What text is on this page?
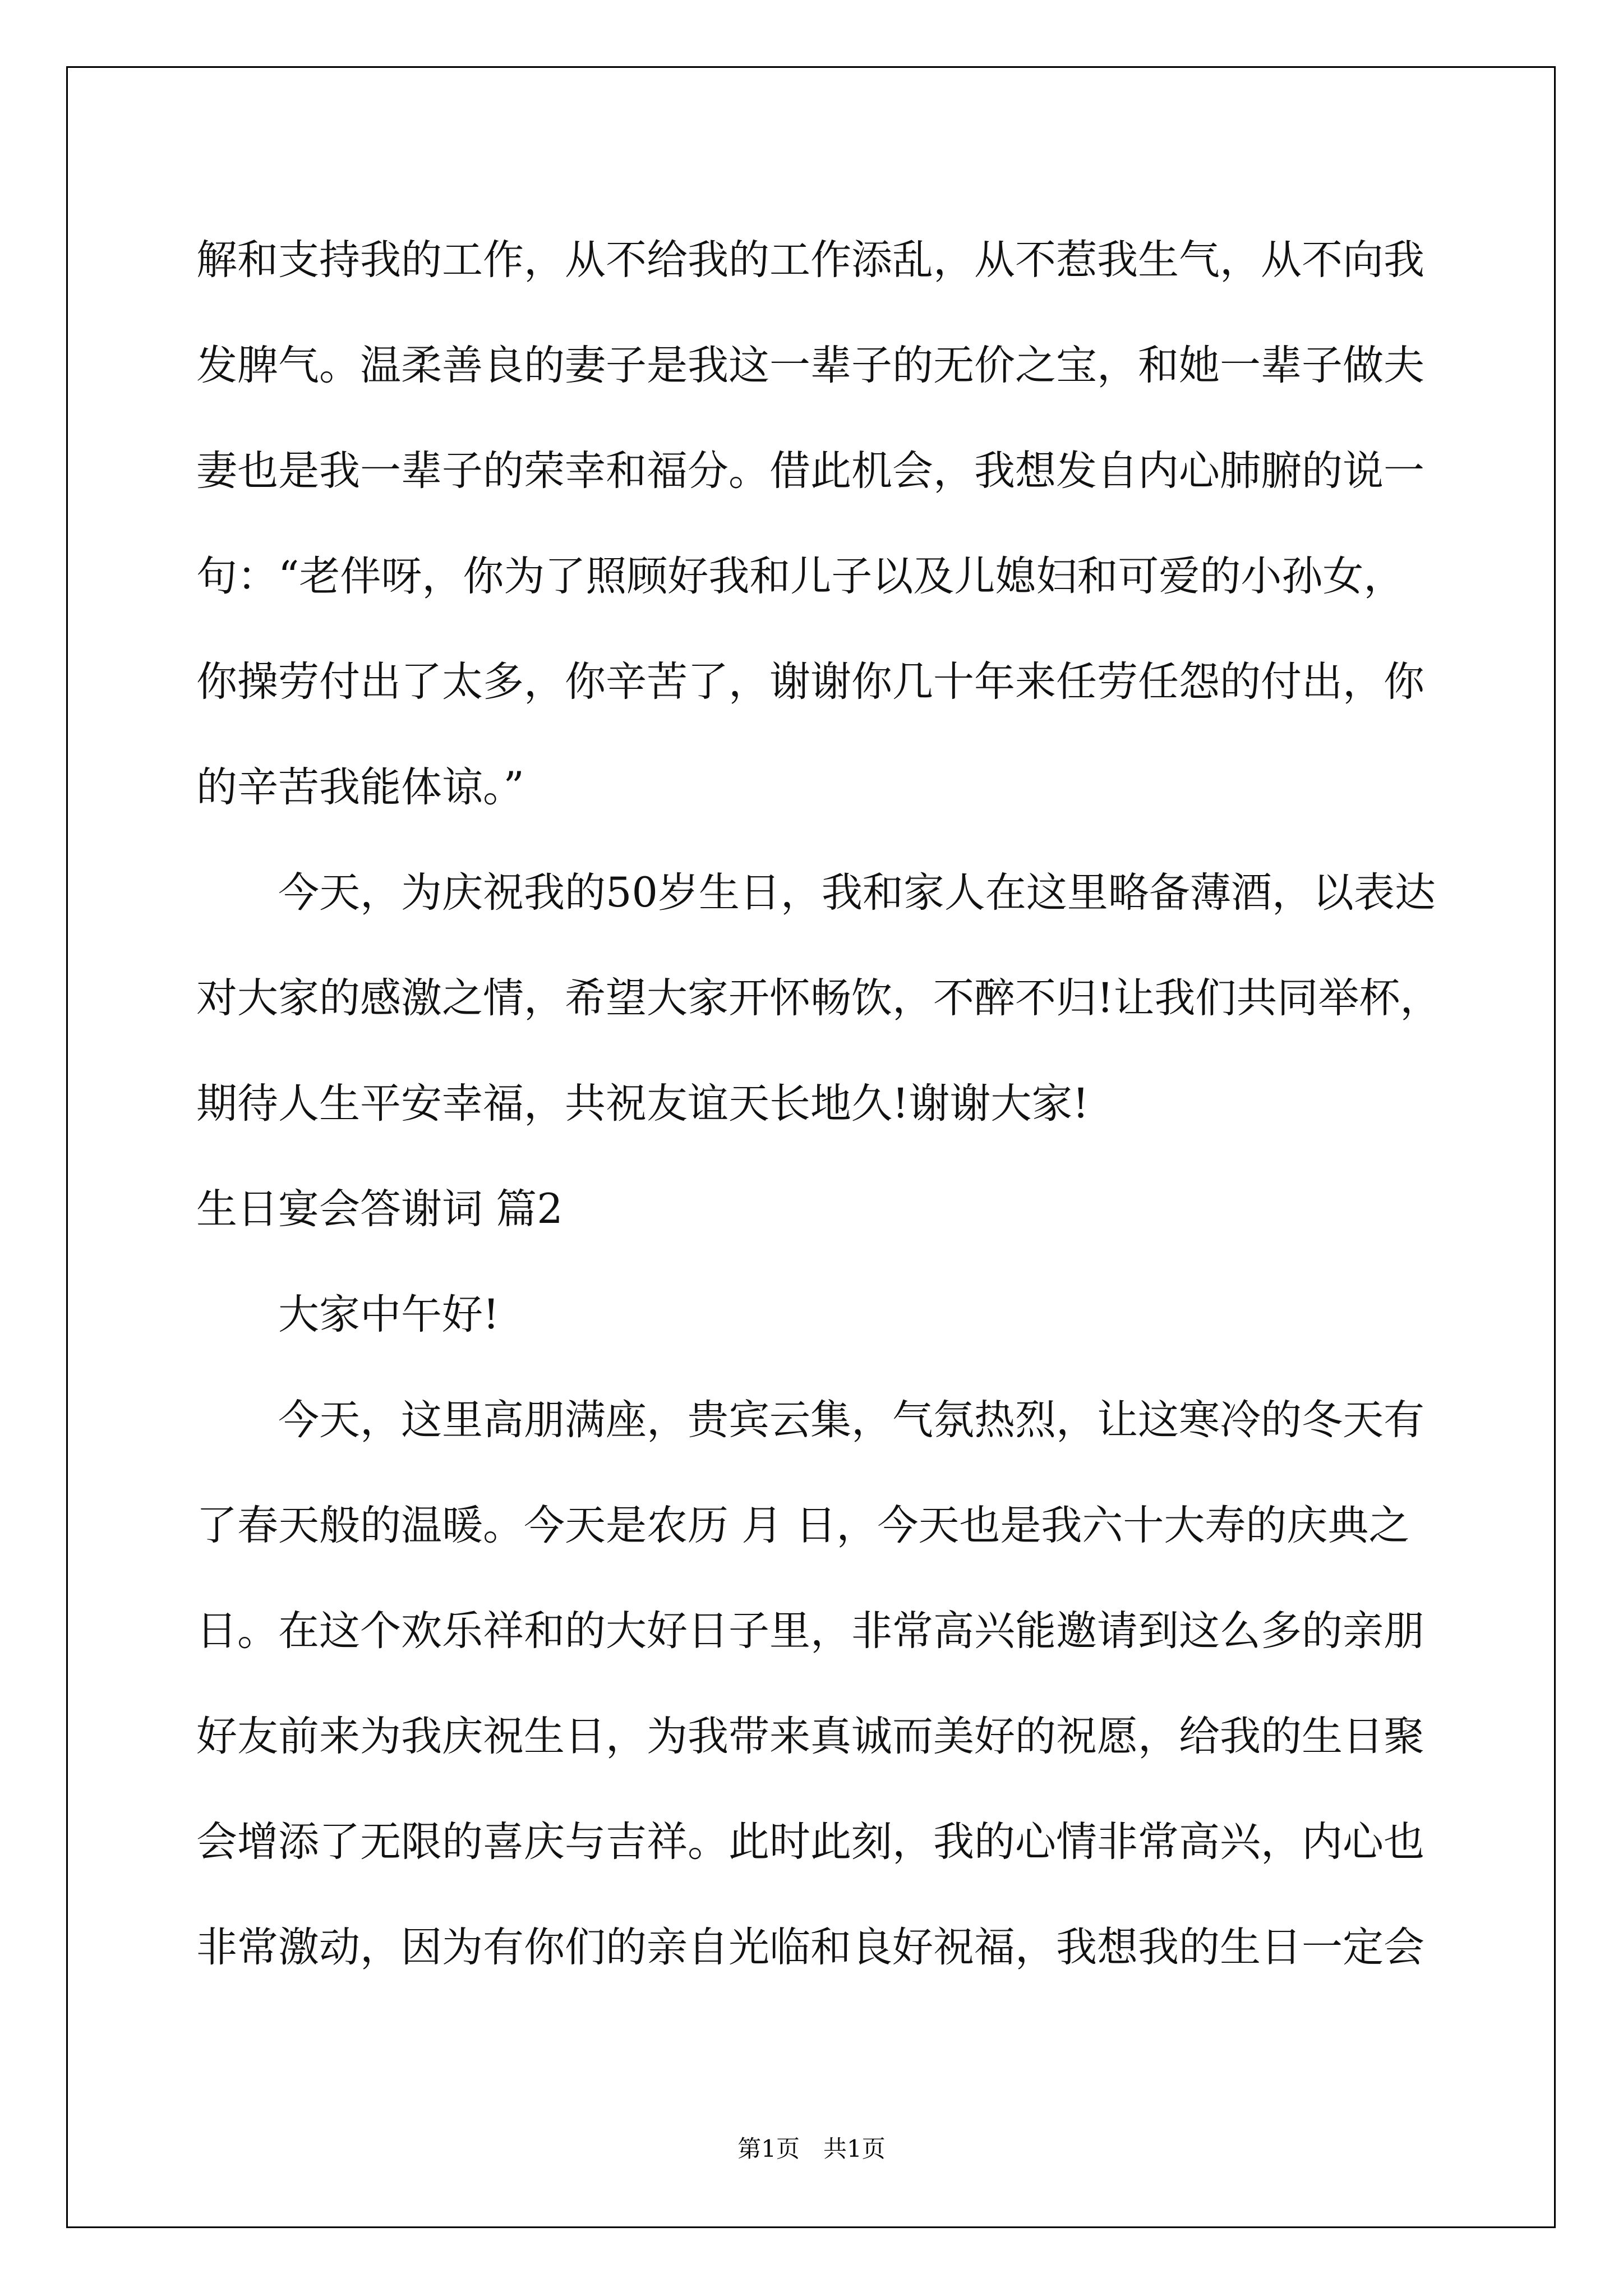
解和支持我的工作，从不给我的工作添乱，从不惹我生气，从不向我
发脾气。温柔善良的妻子是我这一辈子的无价之宝，和她一辈子做夫
妻也是我一辈子的荣幸和福分。借此机会，我想发自内心肺腑的说一
句：“老伴呀，你为了照顾好我和儿子以及儿媳妇和可爱的小孙女，
你操劳付出了太多，你辛苦了，谢谢你几十年来任劳任怨的付出，你
的辛苦我能体谅。”
今天，为庆祝我的50岁生日，我和家人在这里略备薄酒，以表达
对大家的感激之情，希望大家开怀畅饮，不醉不归!让我们共同举杯，
期待人生平安幸福，共祝友谊天长地久!谢谢大家!
生日宴会答谢词 篇2
大家中午好!
今天，这里高朋满座，贵宾云集，气氛热烈，让这寒冷的冬天有
了春天般的温暖。今天是农历 月 日，今天也是我六十大寿的庆典之
日。在这个欢乐祥和的大好日子里，非常高兴能邀请到这么多的亲朋
好友前来为我庆祝生日，为我带来真诚而美好的祝愿，给我的生日聚
会增添了无限的喜庆与吉祥。此时此刻，我的心情非常高兴，内心也
非常激动，因为有你们的亲自光临和良好祝福，我想我的生日一定会
第1页　共1页
